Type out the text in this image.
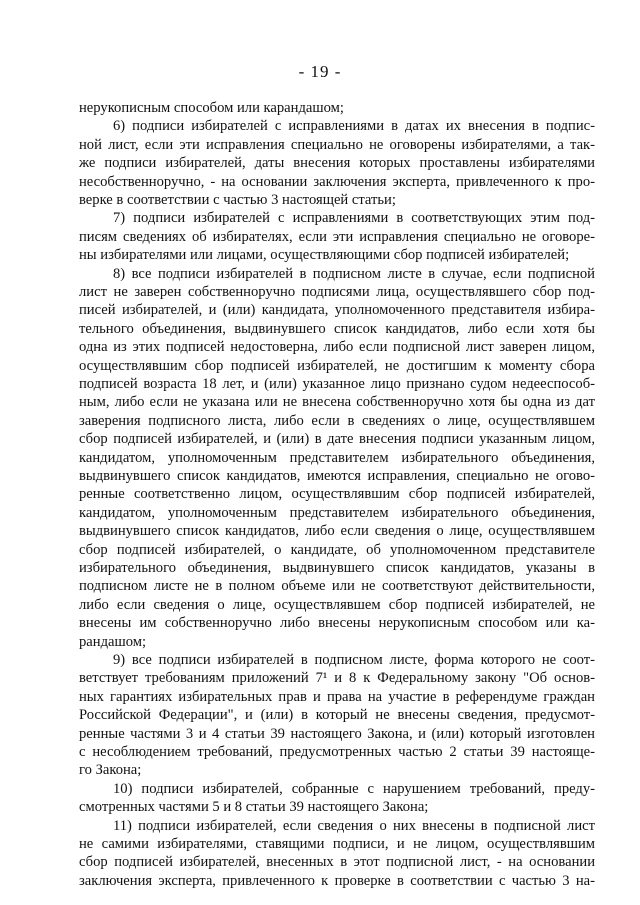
- 19 -
нерукописным способом или карандашом;
6) подписи избирателей с исправлениями в датах их внесения в подпис-
ной лист, если эти исправления специально не оговорены избирателями, а так-
же подписи избирателей, даты внесения которых проставлены избирателями
несобственноручно, - на основании заключения эксперта, привлеченного к про-
верке в соответствии с частью 3 настоящей статьи;
7) подписи избирателей с исправлениями в соответствующих этим под-
писям сведениях об избирателях, если эти исправления специально не оговоре-
ны избирателями или лицами, осуществляющими сбор подписей избирателей;
8) все подписи избирателей в подписном листе в случае, если подписной
лист не заверен собственноручно подписями лица, осуществлявшего сбор под-
писей избирателей, и (или) кандидата, уполномоченного представителя избира-
тельного объединения, выдвинувшего список кандидатов, либо если хотя бы
одна из этих подписей недостоверна, либо если подписной лист заверен лицом,
осуществлявшим сбор подписей избирателей, не достигшим к моменту сбора
подписей возраста 18 лет, и (или) указанное лицо признано судом недееспособ-
ным, либо если не указана или не внесена собственноручно хотя бы одна из дат
заверения подписного листа, либо если в сведениях о лице, осуществлявшем
сбор подписей избирателей, и (или) в дате внесения подписи указанным лицом,
кандидатом, уполномоченным представителем избирательного объединения,
выдвинувшего список кандидатов, имеются исправления, специально не огово-
ренные соответственно лицом, осуществлявшим сбор подписей избирателей,
кандидатом, уполномоченным представителем избирательного объединения,
выдвинувшего список кандидатов, либо если сведения о лице, осуществлявшем
сбор подписей избирателей, о кандидате, об уполномоченном представителе
избирательного объединения, выдвинувшего список кандидатов, указаны в
подписном листе не в полном объеме или не соответствуют действительности,
либо если сведения о лице, осуществлявшем сбор подписей избирателей, не
внесены им собственноручно либо внесены нерукописным способом или ка-
рандашом;
9) все подписи избирателей в подписном листе, форма которого не соот-
ветствует требованиям приложений 7¹ и 8 к Федеральному закону "Об основ-
ных гарантиях избирательных прав и права на участие в референдуме граждан
Российской Федерации", и (или) в который не внесены сведения, предусмот-
ренные частями 3 и 4 статьи 39 настоящего Закона, и (или) который изготовлен
с несоблюдением требований, предусмотренных частью 2 статьи 39 настояще-
го Закона;
10) подписи избирателей, собранные с нарушением требований, преду-
смотренных частями 5 и 8 статьи 39 настоящего Закона;
11) подписи избирателей, если сведения о них внесены в подписной лист
не самими избирателями, ставящими подписи, и не лицом, осуществлявшим
сбор подписей избирателей, внесенных в этот подписной лист, - на основании
заключения эксперта, привлеченного к проверке в соответствии с частью 3 на-
